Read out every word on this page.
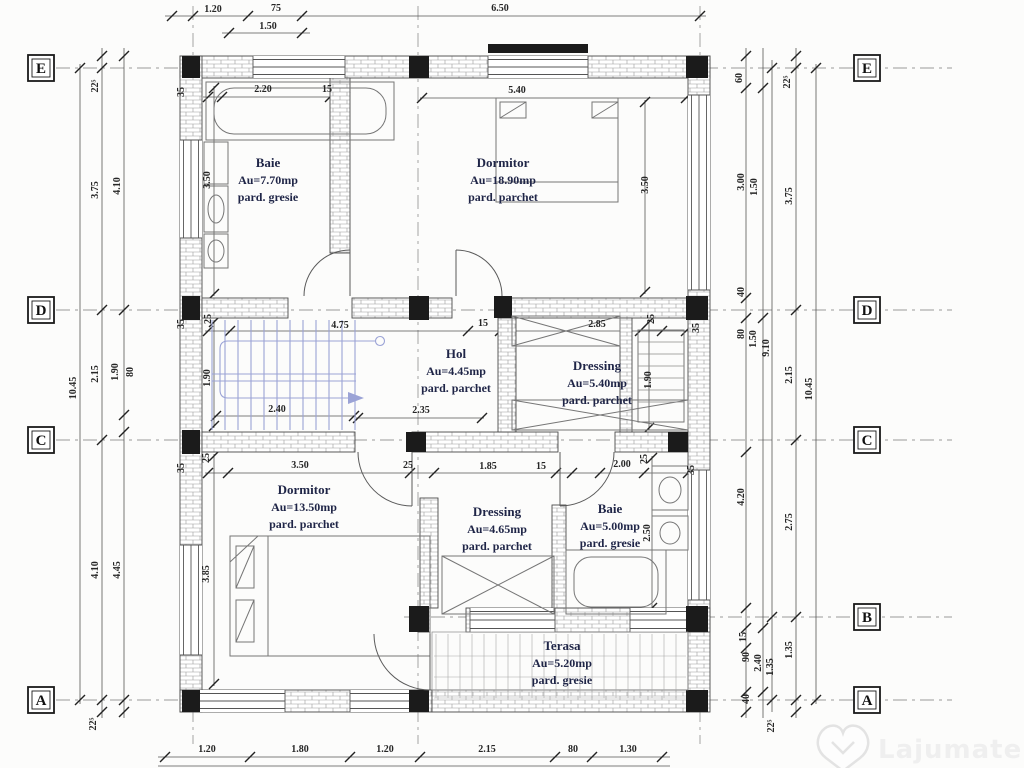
1.20	75
1.50
6.50
1.20	1.80	1.20	2.15	80	1.30
10.45
3.75
2.15
4.10
22⁵
4.10
1.90 80
4.45
22⁵
60	22⁵
3.00 1.50
3.75
40
80 1.50
9.10
2.15
10.45
4.20
2.75
15
90 2.40 1.35
1.35
40
22⁵
35	2.20	15	5.40
3.50	3.50
35 25
4.75	15	2.85	25
35
1.90	1.90
2.40	2.35
35
25
3.50	25	1.85	15	2.00 25
35
3.85
2.50
Baie
Au=7.70mp
pard. gresie
Dormitor
Au=18.90mp
pard. parchet
Hol
Au=4.45mp
pard. parchet
Dressing
Au=5.40mp
pard. parchet
Dormitor
Au=13.50mp
pard. parchet
Dressing
Au=4.65mp
pard. parchet
Baie
Au=5.00mp
pard. gresie
Terasa
Au=5.20mp
pard. gresie
E
D
C
A
E
D
C
B
A
Lajumate
